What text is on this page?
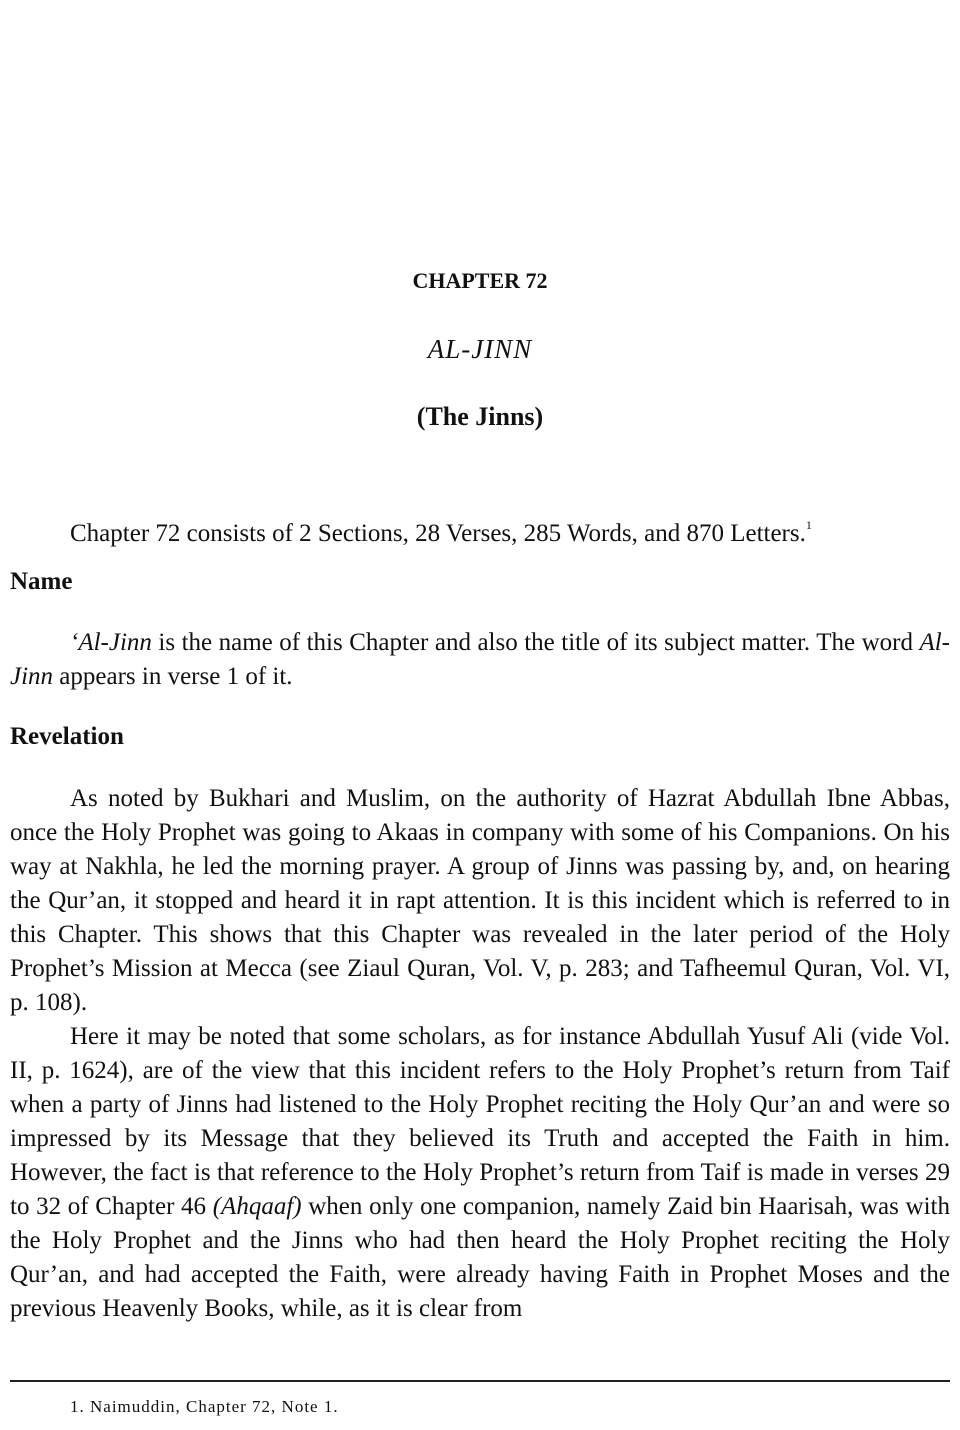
CHAPTER 72
AL-JINN
(The Jinns)
Chapter 72 consists of 2 Sections, 28 Verses, 285 Words, and 870 Letters.$^1$
Name

‘Al-Jinn is the name of this Chapter and also the title of its subject matter. The word Al-Jinn appears in verse 1 of it.

Revelation

As noted by Bukhari and Muslim, on the authority of Hazrat Abdullah Ibne Abbas, once the Holy Prophet was going to Akaas in company with some of his Companions. On his way at Nakhla, he led the morning prayer. A group of Jinns was passing by, and, on hearing the Qur’an, it stopped and heard it in rapt attention. It is this incident which is referred to in this Chapter. This shows that this Chapter was revealed in the later period of the Holy Prophet’s Mission at Mecca (see Ziaul Quran, Vol. V, p. 283; and Tafheemul Quran, Vol. VI, p. 108).

Here it may be noted that some scholars, as for instance Abdullah Yusuf Ali (vide Vol. II, p. 1624), are of the view that this incident refers to the Holy Prophet’s return from Taif when a party of Jinns had listened to the Holy Prophet reciting the Holy Qur’an and were so impressed by its Message that they believed its Truth and accepted the Faith in him. However, the fact is that reference to the Holy Prophet’s return from Taif is made in verses 29 to 32 of Chapter 46 (Ahqaaf) when only one companion, namely Zaid bin Haarisah, was with the Holy Prophet and the Jinns who had then heard the Holy Prophet reciting the Holy Qur’an, and had accepted the Faith, were already having Faith in Prophet Moses and the previous Heavenly Books, while, as it is clear from

1. Naimuddin, Chapter 72, Note 1.
